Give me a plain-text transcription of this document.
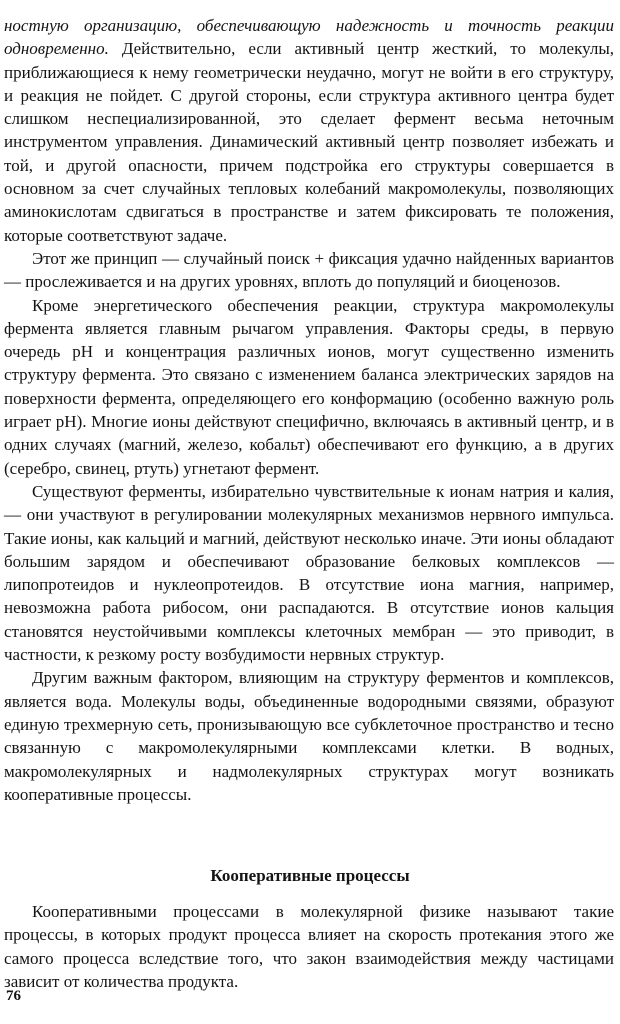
ностную организацию, обеспечивающую надежность и точность реакции одновременно. Действительно, если активный центр жесткий, то молекулы, приближающиеся к нему геометрически неудачно, могут не войти в его структуру, и реакция не пойдет. С другой стороны, если структура активного центра будет слишком неспециализированной, это сделает фермент весьма неточным инструментом управления. Динамический активный центр позволяет избежать и той, и другой опасности, причем подстройка его структуры совершается в основном за счет случайных тепловых колебаний макромолекулы, позволяющих аминокислотам сдвигаться в пространстве и затем фиксировать те положения, которые соответствуют задаче.

Этот же принцип — случайный поиск + фиксация удачно найденных вариантов — прослеживается и на других уровнях, вплоть до популяций и биоценозов.

Кроме энергетического обеспечения реакции, структура макромолекулы фермента является главным рычагом управления. Факторы среды, в первую очередь pH и концентрация различных ионов, могут существенно изменить структуру фермента. Это связано с изменением баланса электрических зарядов на поверхности фермента, определяющего его конформацию (особенно важную роль играет pH). Многие ионы действуют специфично, включаясь в активный центр, и в одних случаях (магний, железо, кобальт) обеспечивают его функцию, а в других (серебро, свинец, ртуть) угнетают фермент.

Существуют ферменты, избирательно чувствительные к ионам натрия и калия,— они участвуют в регулировании молекулярных механизмов нервного импульса. Такие ионы, как кальций и магний, действуют несколько иначе. Эти ионы обладают большим зарядом и обеспечивают образование белковых комплексов — липопротеидов и нуклеопротеидов. В отсутствие иона магния, например, невозможна работа рибосом, они распадаются. В отсутствие ионов кальция становятся неустойчивыми комплексы клеточных мембран — это приводит, в частности, к резкому росту возбудимости нервных структур.

Другим важным фактором, влияющим на структуру ферментов и комплексов, является вода. Молекулы воды, объединенные водородными связями, образуют единую трехмерную сеть, пронизывающую все субклеточное пространство и тесно связанную с макромолекулярными комплексами клетки. В водных, макромолекулярных и надмолекулярных структурах могут возникать кооперативные процессы.

Кооперативные процессы

Кооперативными процессами в молекулярной физике называют такие процессы, в которых продукт процесса влияет на скорость протекания этого же самого процесса вследствие того, что закон взаимодействия между частицами зависит от количества продукта.

76
